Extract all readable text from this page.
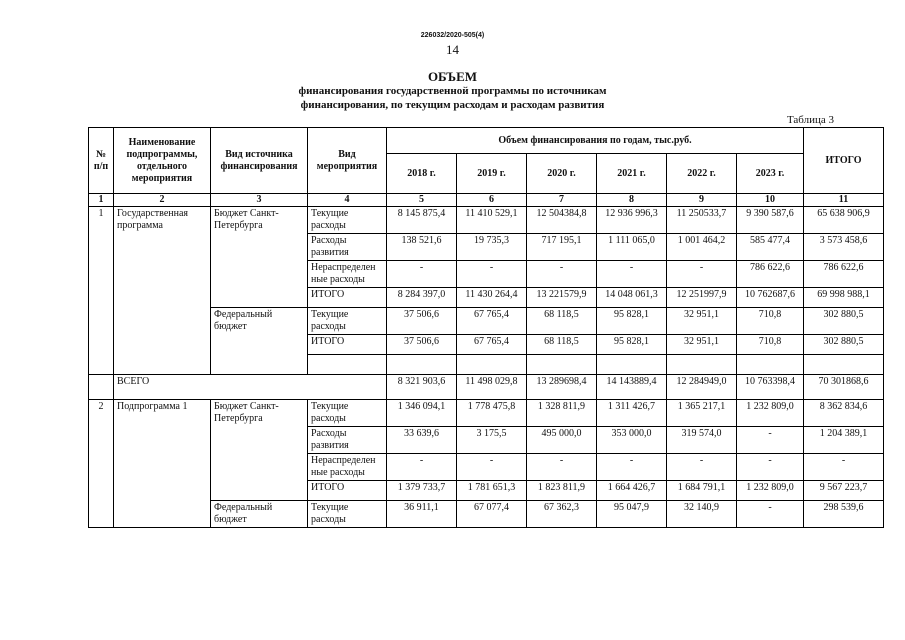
226032/2020-505(4)
14
ОБЪЕМ
финансирования государственной программы по источникам
финансирования, по текущим расходам и расходам развития
Таблица 3
№ п/п	Наименование подпрограммы, отдельного мероприятия	Вид источника финансирования	Вид мероприятия	Объем финансирования по годам, тыс.руб.						ИТОГО	
				2018 г.	2019 г.	2020 г.	2021 г.	2022 г.	2023 г.		
1	2	3	4	5	6	7	8	9	10	11	
1	Государственная программа	Бюджет Санкт-Петербурга	Текущие расходы	8 145 875,4	11 410 529,1	12 504384,8	12 936 996,3	11 250533,7	9 390 587,6	65 638 906,9	
			Расходы развития	138 521,6	19 735,3	717 195,1	1 111 065,0	1 001 464,2	585 477,4	3 573 458,6	
			Нераспределен ные расходы	-	-	-	-	-	786 622,6	786 622,6	
			ИТОГО	8 284 397,0	11 430 264,4	13 221579,9	14 048 061,3	12 251997,9	10 762687,6	69 998 988,1	
		Федеральный бюджет	Текущие расходы	37 506,6	67 765,4	68 118,5	95 828,1	32 951,1	710,8	302 880,5	
			ИТОГО	37 506,6	67 765,4	68 118,5	95 828,1	32 951,1	710,8	302 880,5	

	ВСЕГО			8 321 903,6	11 498 029,8	13 289698,4	14 143889,4	12 284949,0	10 763398,4	70 301868,6	
2	Подпрограмма 1	Бюджет Санкт-Петербурга	Текущие расходы	1 346 094,1	1 778 475,8	1 328 811,9	1 311 426,7	1 365 217,1	1 232 809,0	8 362 834,6	
			Расходы развития	33 639,6	3 175,5	495 000,0	353 000,0	319 574,0	-	1 204 389,1	
			Нераспределен ные расходы	-	-	-	-	-	-	-	
			ИТОГО	1 379 733,7	1 781 651,3	1 823 811,9	1 664 426,7	1 684 791,1	1 232 809,0	9 567 223,7	
		Федеральный бюджет	Текущие расходы	36 911,1	67 077,4	67 362,3	95 047,9	32 140,9	-	298 539,6	
